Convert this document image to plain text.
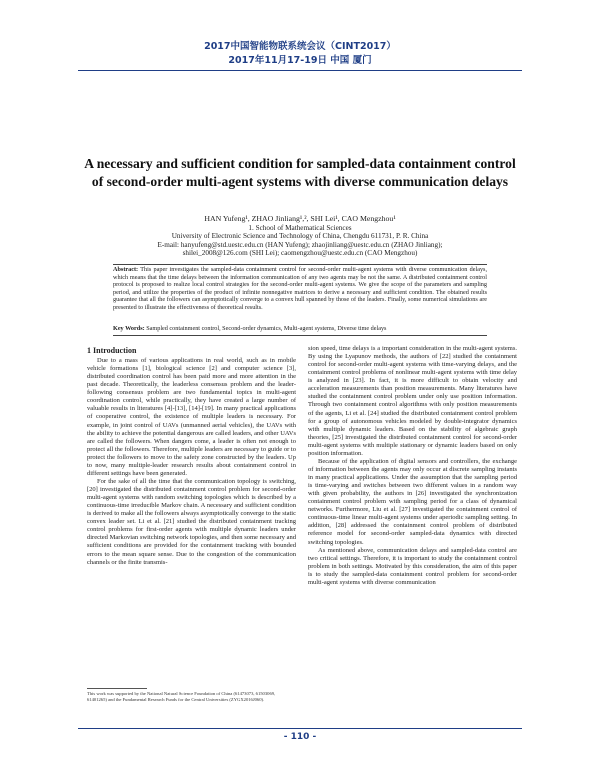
2017中国智能物联系统会议（CINT2017）
2017年11月17-19日 中国 厦门
A necessary and sufficient condition for sampled-data containment control of second-order multi-agent systems with diverse communication delays
HAN Yufeng¹, ZHAO Jinliang¹,², SHI Lei¹, CAO Mengzhou¹
1. School of Mathematical Sciences
University of Electronic Science and Technology of China, Chengdu 611731, P. R. China
E-mail: hanyufeng@std.uestc.edu.cn (HAN Yufeng); zhaojinliang@uestc.edu.cn (ZHAO Jinliang);
shilei_2008@126.com (SHI Lei); caomengzhou@uestc.edu.cn (CAO Mengzhou)
Abstract: This paper investigates the sampled-data containment control for second-order multi-agent systems with diverse communication delays, which means that the time delays between the information communication of any two agents may be not the same. A distributed containment control protocol is proposed to realize local control strategies for the second-order multi-agent systems. We give the scope of the parameters and sampling period, and utilize the properties of the product of infinite nonnegative matrices to derive a necessary and sufficient condition. The obtained results guarantee that all the followers can asymptotically converge to a convex hull spanned by those of the leaders. Finally, some numerical simulations are presented to illustrate the effectiveness of theoretical results.
Key Words: Sampled containment control, Second-order dynamics, Multi-agent systems, Diverse time delays

1 Introduction

Due to a mass of various applications in real world, such as in mobile vehicle formations [1], biological science [2] and computer science [3], distributed coordination control has been paid more and more attention in the past decade. Theoretically, the leaderless consensus problem and the leader-following consensus problem are two fundamental topics in multi-agent coordination control, while practically, they have created a large number of valuable results in literatures [4]-[13], [14]-[19]. In many practical applications of cooperative control, the existence of multiple leaders is necessary. For example, in joint control of UAVs (unmanned aerial vehicles), the UAVs with the ability to achieve the potential dangerous are called leaders, and other UAVs are called the followers. When dangers come, a leader is often not enough to protect all the followers. Therefore, multiple leaders are necessary to guide or to protect the followers to move to the safety zone constructed by the leaders. Up to now, many multiple-leader research results about containment control in different settings have been generated.

For the sake of all the time that the communication topology is switching, [20] investigated the distributed containment control problem for second-order multi-agent systems with random switching topologies which is described by a continuous-time irreducible Markov chain. A necessary and sufficient condition is derived to make all the followers always asymptotically converge to the static convex leader set. Li et al. [21] studied the distributed containment tracking control problems for first-order agents with multiple dynamic leaders under directed Markovian switching network topologies, and then some necessary and sufficient conditions are provided for the containment tracking with bounded errors to the mean square sense. Due to the congestion of the communication channels or the finite transmis-

sion speed, time delays is a important consideration in the multi-agent systems. By using the Lyapunov methods, the authors of [22] studied the containment control for second-order multi-agent systems with time-varying delays, and the containment control problems of nonlinear multi-agent systems with time delay is analyzed in [23]. In fact, it is more difficult to obtain velocity and acceleration measurements than position measurements. Many literatures have studied the containment control problem under only use position information. Through two containment control algorithms with only position measurements of the agents, Li et al. [24] studied the distributed containment control problem for a group of autonomous vehicles modeled by double-integrator dynamics with multiple dynamic leaders. Based on the stability of algebraic graph theories, [25] investigated the distributed containment control for second-order multi-agent systems with multiple stationary or dynamic leaders based on only position information.

Because of the application of digital sensors and controllers, the exchange of information between the agents may only occur at discrete sampling instants in many practical applications. Under the assumption that the sampling period is time-varying and switches between two different values in a random way with given probability, the authors in [26] investigated the synchronization containment control problem with sampling period for a class of dynamical networks. Furthermore, Liu et al. [27] investigated the containment control of continuous-time linear multi-agent systems under aperiodic sampling setting. In addition, [28] addressed the containment control problem of distributed reference model for second-order sampled-data dynamics with directed switching topologies.

As mentioned above, communication delays and sampled-data control are two critical settings. Therefore, it is important to study the containment control problem in both settings. Motivated by this consideration, the aim of this paper is to study the sampled-data containment control problem for second-order multi-agent systems with diverse communication

This work was supported by the National Natural Science Foundation of China (61473073, 61503069, 61401265) and the Fundamental Research Funds for the Central Universities (ZYGX2016J060).
- 110 -
